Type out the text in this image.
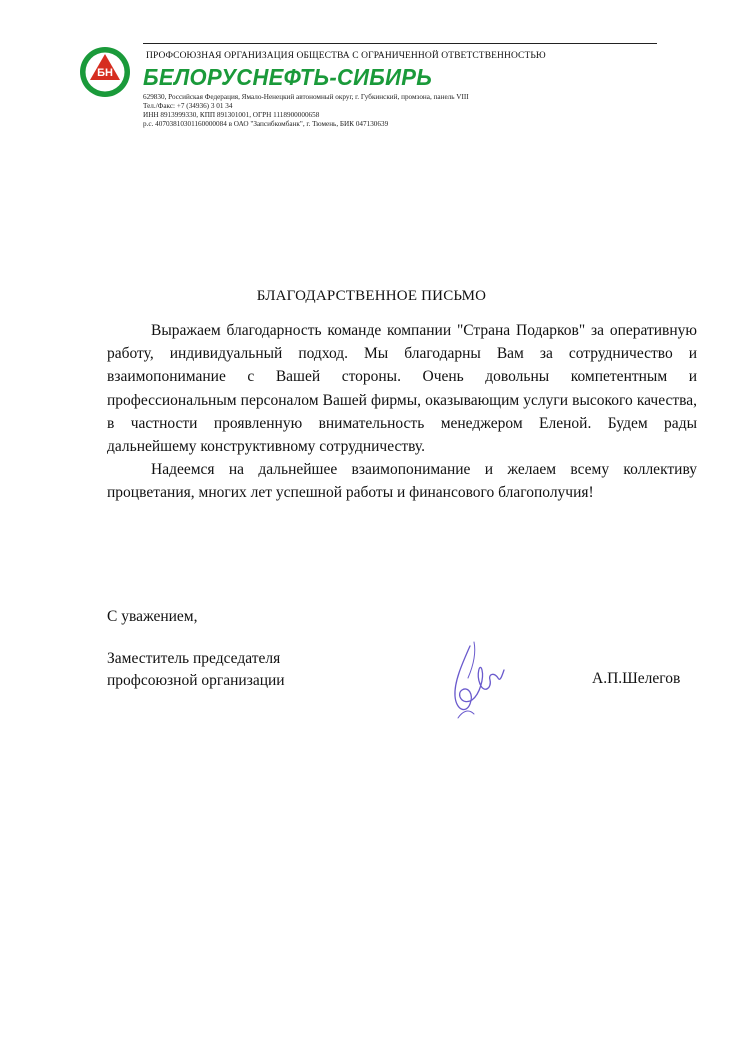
БН
ПРОФСОЮЗНАЯ ОРГАНИЗАЦИЯ ОБЩЕСТВА С ОГРАНИЧЕННОЙ ОТВЕТСТВЕННОСТЬЮ
БЕЛОРУСНЕФТЬ-СИБИРЬ
629830, Российская Федерация, Ямало-Ненецкий автономный округ, г. Губкинский, промзона, панель VIII
Тел./Факс: +7 (34936) 3 01 34
ИНН 8913999330, КПП 891301001, ОГРН 1118900000658
р.с. 40703810301160000084 в ОАО "Запсибкомбанк", г. Тюмень, БИК 047130639
БЛАГОДАРСТВЕННОЕ ПИСЬМО

Выражаем благодарность команде компании "Страна Подарков" за оперативную работу, индивидуальный подход. Мы благодарны Вам за сотрудничество и взаимопонимание с Вашей стороны. Очень довольны компетентным и профессиональным персоналом Вашей фирмы, оказывающим услуги высокого качества, в частности проявленную внимательность менеджером Еленой. Будем рады дальнейшему конструктивному сотрудничеству.

Надеемся на дальнейшее взаимопонимание и желаем всему коллективу процветания, многих лет успешной работы и финансового благополучия!

С уважением,
Заместитель председателя
профсоюзной организации	А.П.Шелегов
